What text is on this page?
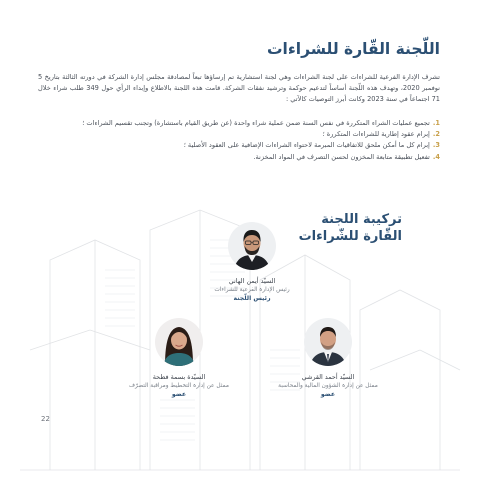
اللّجنة القّارة للشراءات

تشرف الإدارة الفرعية للشراءات على لجنة الشراءات وهي لجنة استشارية تم إرساؤها تبعاً لمصادقة مجلس إدارة الشركة في دورته الثالثة بتاريخ 5 نوفمبر 2020، وتهدف هذه اللّجنة أساساً لتدعيم حوكمة وترشيد نفقات الشركة. قامت هذه اللجنة بالاطلاع وإبداء الرأي حول 349 طلب شراء خلال 71 اجتماعاً في سنة 2023 وكانت أبرز التوصيات كالآتي :

1.تجميع عمليات الشراء المتكررة في نفس السنة ضمن عملية شراء واحدة (عن طريق القيام باستشارة) وتجنب تقسيم الشراءات ؛
2.إبرام عقود إطارية للشراءات المتكررة ؛
3.إبرام كل ما أمكن ملحق للاتفاقيات المبرمة لاحتواء الشراءات الإضافية على العقود الأصلية ؛
4.تفعيل تطبيقة متابعة المخزون لحسن التصرف في المواد المخزنة.
تركيبة اللجنة
القّارة للشّراءات
السيّد أيمن الهاني
رئيس الإدارة الفرعية للشراءات
رئيس اللّجنة
السيّدة بسمة فطحة
ممثل عن إدارة التخطيط ومراقبة التصرّف
عضو
السيّد أحمد القرشي
ممثل عن إدارة الشؤون المالية والمحاسبة
عضو
22
